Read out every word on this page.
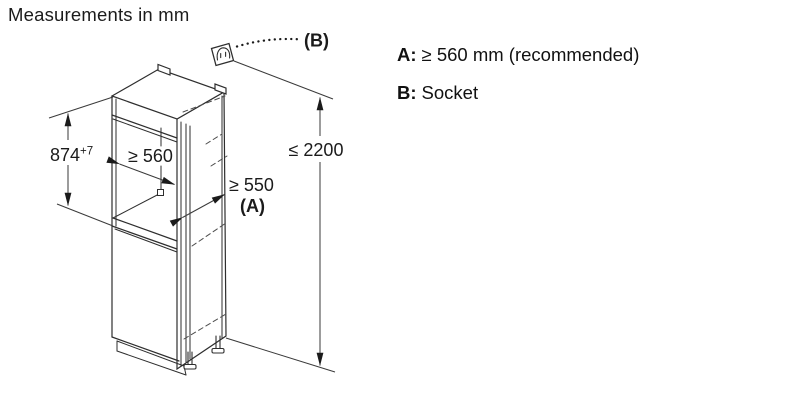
Measurements in mm
$874^{+7} \ge 560$
≥ 550
(A)
≤ 2200
(B)
A: ≥ 560 mm (recommended)
B: Socket
